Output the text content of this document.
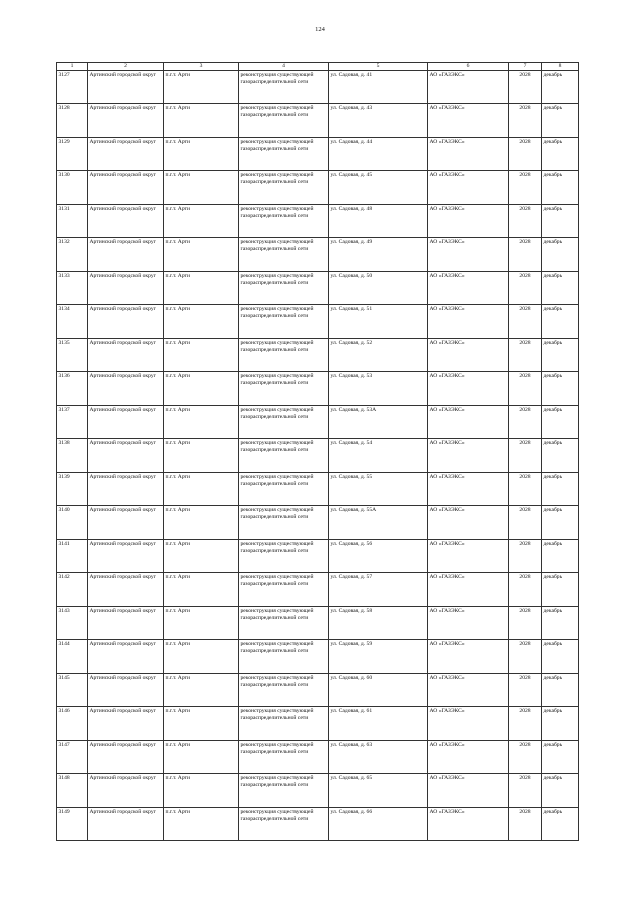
124
1	2	3	4	5	6	7	8
3127	Артинский городской округ	п.г.т. Арти	реконструкция существующей газораспределительной сети	ул. Садовая, д. 41	АО «ГАЗЭКС»	2028	декабрь
3128	Артинский городской округ	п.г.т. Арти	реконструкция существующей газораспределительной сети	ул. Садовая, д. 43	АО «ГАЗЭКС»	2028	декабрь
3129	Артинский городской округ	п.г.т. Арти	реконструкция существующей газораспределительной сети	ул. Садовая, д. 44	АО «ГАЗЭКС»	2028	декабрь
3130	Артинский городской округ	п.г.т. Арти	реконструкция существующей газораспределительной сети	ул. Садовая, д. 45	АО «ГАЗЭКС»	2028	декабрь
3131	Артинский городской округ	п.г.т. Арти	реконструкция существующей газораспределительной сети	ул. Садовая, д. 48	АО «ГАЗЭКС»	2028	декабрь
3132	Артинский городской округ	п.г.т. Арти	реконструкция существующей газораспределительной сети	ул. Садовая, д. 49	АО «ГАЗЭКС»	2028	декабрь
3133	Артинский городской округ	п.г.т. Арти	реконструкция существующей газораспределительной сети	ул. Садовая, д. 50	АО «ГАЗЭКС»	2028	декабрь
3134	Артинский городской округ	п.г.т. Арти	реконструкция существующей газораспределительной сети	ул. Садовая, д. 51	АО «ГАЗЭКС»	2028	декабрь
3135	Артинский городской округ	п.г.т. Арти	реконструкция существующей газораспределительной сети	ул. Садовая, д. 52	АО «ГАЗЭКС»	2028	декабрь
3136	Артинский городской округ	п.г.т. Арти	реконструкция существующей газораспределительной сети	ул. Садовая, д. 53	АО «ГАЗЭКС»	2028	декабрь
3137	Артинский городской округ	п.г.т. Арти	реконструкция существующей газораспределительной сети	ул. Садовая, д. 53А	АО «ГАЗЭКС»	2028	декабрь
3138	Артинский городской округ	п.г.т. Арти	реконструкция существующей газораспределительной сети	ул. Садовая, д. 54	АО «ГАЗЭКС»	2028	декабрь
3139	Артинский городской округ	п.г.т. Арти	реконструкция существующей газораспределительной сети	ул. Садовая, д. 55	АО «ГАЗЭКС»	2028	декабрь
3140	Артинский городской округ	п.г.т. Арти	реконструкция существующей газораспределительной сети	ул. Садовая, д. 55А	АО «ГАЗЭКС»	2028	декабрь
3141	Артинский городской округ	п.г.т. Арти	реконструкция существующей газораспределительной сети	ул. Садовая, д. 56	АО «ГАЗЭКС»	2028	декабрь
3142	Артинский городской округ	п.г.т. Арти	реконструкция существующей газораспределительной сети	ул. Садовая, д. 57	АО «ГАЗЭКС»	2028	декабрь
3143	Артинский городской округ	п.г.т. Арти	реконструкция существующей газораспределительной сети	ул. Садовая, д. 58	АО «ГАЗЭКС»	2028	декабрь
3144	Артинский городской округ	п.г.т. Арти	реконструкция существующей газораспределительной сети	ул. Садовая, д. 59	АО «ГАЗЭКС»	2028	декабрь
3145	Артинский городской округ	п.г.т. Арти	реконструкция существующей газораспределительной сети	ул. Садовая, д. 60	АО «ГАЗЭКС»	2028	декабрь
3146	Артинский городской округ	п.г.т. Арти	реконструкция существующей газораспределительной сети	ул. Садовая, д. 61	АО «ГАЗЭКС»	2028	декабрь
3147	Артинский городской округ	п.г.т. Арти	реконструкция существующей газораспределительной сети	ул. Садовая, д. 63	АО «ГАЗЭКС»	2028	декабрь
3148	Артинский городской округ	п.г.т. Арти	реконструкция существующей газораспределительной сети	ул. Садовая, д. 65	АО «ГАЗЭКС»	2028	декабрь
3149	Артинский городской округ	п.г.т. Арти	реконструкция существующей газораспределительной сети	ул. Садовая, д. 66	АО «ГАЗЭКС»	2028	декабрь
